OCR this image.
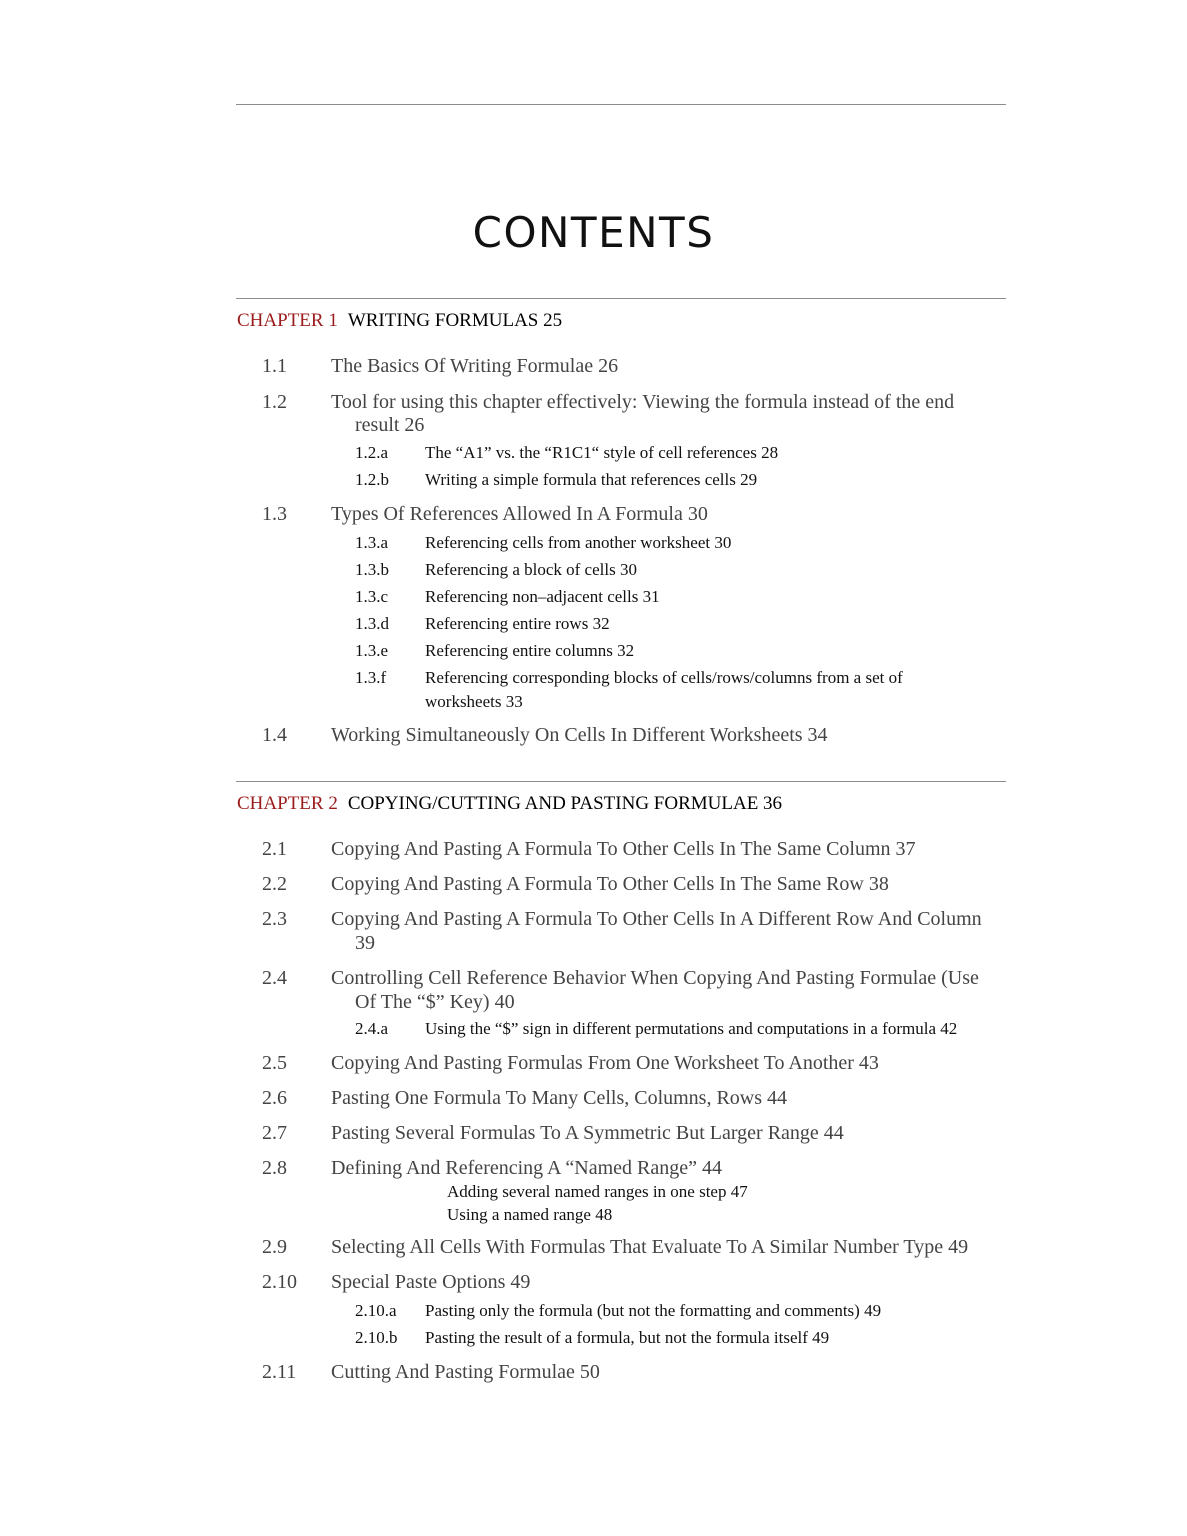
CONTENTS
CHAPTER 1 WRITING FORMULAS 25
1.1 The Basics Of Writing Formulae 26
1.2 Tool for using this chapter effectively: Viewing the formula instead of the end
result 26
1.2.a The “A1” vs. the “R1C1“ style of cell references 28
1.2.b Writing a simple formula that references cells 29
1.3 Types Of References Allowed In A Formula 30
1.3.a Referencing cells from another worksheet 30
1.3.b Referencing a block of cells 30
1.3.c Referencing non–adjacent cells 31
1.3.d Referencing entire rows 32
1.3.e Referencing entire columns 32
1.3.f Referencing corresponding blocks of cells/rows/columns from a set of
worksheets 33
1.4 Working Simultaneously On Cells In Different Worksheets 34
CHAPTER 2 COPYING/CUTTING AND PASTING FORMULAE 36
2.1 Copying And Pasting A Formula To Other Cells In The Same Column 37
2.2 Copying And Pasting A Formula To Other Cells In The Same Row 38
2.3 Copying And Pasting A Formula To Other Cells In A Different Row And Column
39
2.4 Controlling Cell Reference Behavior When Copying And Pasting Formulae (Use
Of The “$” Key) 40
2.4.a Using the “$” sign in different permutations and computations in a formula 42
2.5 Copying And Pasting Formulas From One Worksheet To Another 43
2.6 Pasting One Formula To Many Cells, Columns, Rows 44
2.7 Pasting Several Formulas To A Symmetric But Larger Range 44
2.8 Defining And Referencing A “Named Range” 44
Adding several named ranges in one step 47
Using a named range 48
2.9 Selecting All Cells With Formulas That Evaluate To A Similar Number Type 49
2.10 Special Paste Options 49
2.10.a Pasting only the formula (but not the formatting and comments) 49
2.10.b Pasting the result of a formula, but not the formula itself 49
2.11 Cutting And Pasting Formulae 50
